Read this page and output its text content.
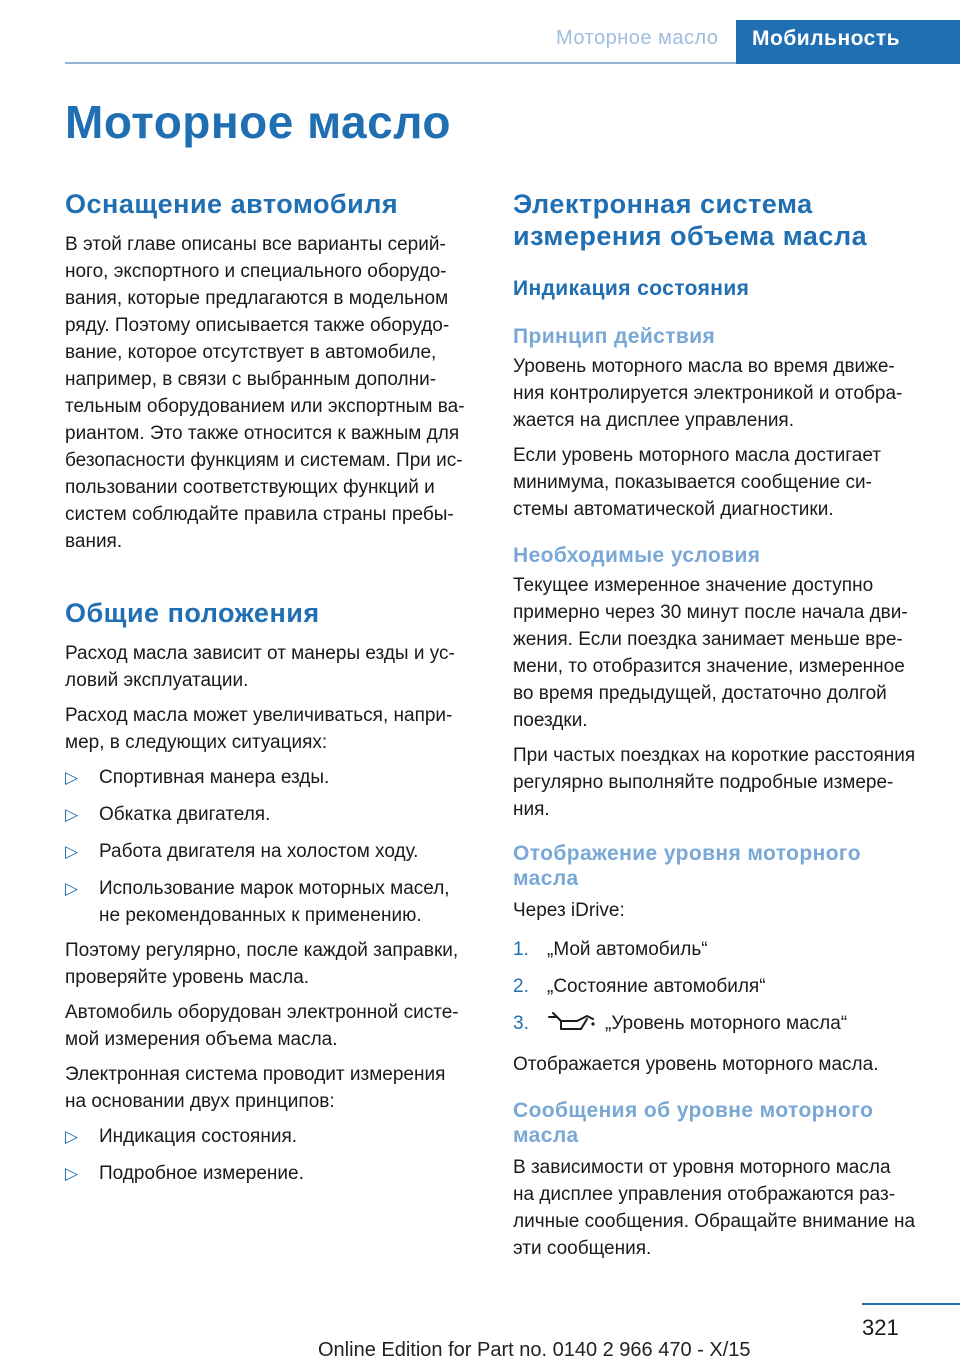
Моторное масло Мобильность
Моторное масло
Оснащение автомобиля

В этой главе описаны все варианты серий-
ного, экспортного и специального оборудо-
вания, которые предлагаются в модельном
ряду. Поэтому описывается также оборудо-
вание, которое отсутствует в автомобиле,
например, в связи с выбранным дополни-
тельным оборудованием или экспортным ва-
риантом. Это также относится к важным для
безопасности функциям и системам. При ис-
пользовании соответствующих функций и
систем соблюдайте правила страны пребы-
вания.

Общие положения

Расход масла зависит от манеры езды и ус-
ловий эксплуатации.

Расход масла может увеличиваться, напри-
мер, в следующих ситуациях:

▷ Спортивная манера езды.
▷ Обкатка двигателя.
▷ Работа двигателя на холостом ходу.
▷ Использование марок моторных масел,
не рекомендованных к применению.

Поэтому регулярно, после каждой заправки,
проверяйте уровень масла.

Автомобиль оборудован электронной систе-
мой измерения объема масла.

Электронная система проводит измерения
на основании двух принципов:

▷ Индикация состояния.
▷ Подробное измерение.
Электронная система
измерения объема масла
Индикация состояния
Принцип действия

Уровень моторного масла во время движе-
ния контролируется электроникой и отобра-
жается на дисплее управления.

Если уровень моторного масла достигает
минимума, показывается сообщение си-
стемы автоматической диагностики.

Необходимые условия

Текущее измеренное значение доступно
примерно через 30 минут после начала дви-
жения. Если поездка занимает меньше вре-
мени, то отобразится значение, измеренное
во время предыдущей, достаточно долгой
поездки.

При частых поездках на короткие расстояния
регулярно выполняйте подробные измере-
ния.

Отображение уровня моторного
масла

Через iDrive:

1. „Мой автомобиль“
2. „Состояние автомобиля“
3.	„Уровень моторного масла“

Отображается уровень моторного масла.

Сообщения об уровне моторного
масла

В зависимости от уровня моторного масла
на дисплее управления отображаются раз-
личные сообщения. Обращайте внимание на
эти сообщения.

321
Online Edition for Part no. 0140 2 966 470 - X/15
